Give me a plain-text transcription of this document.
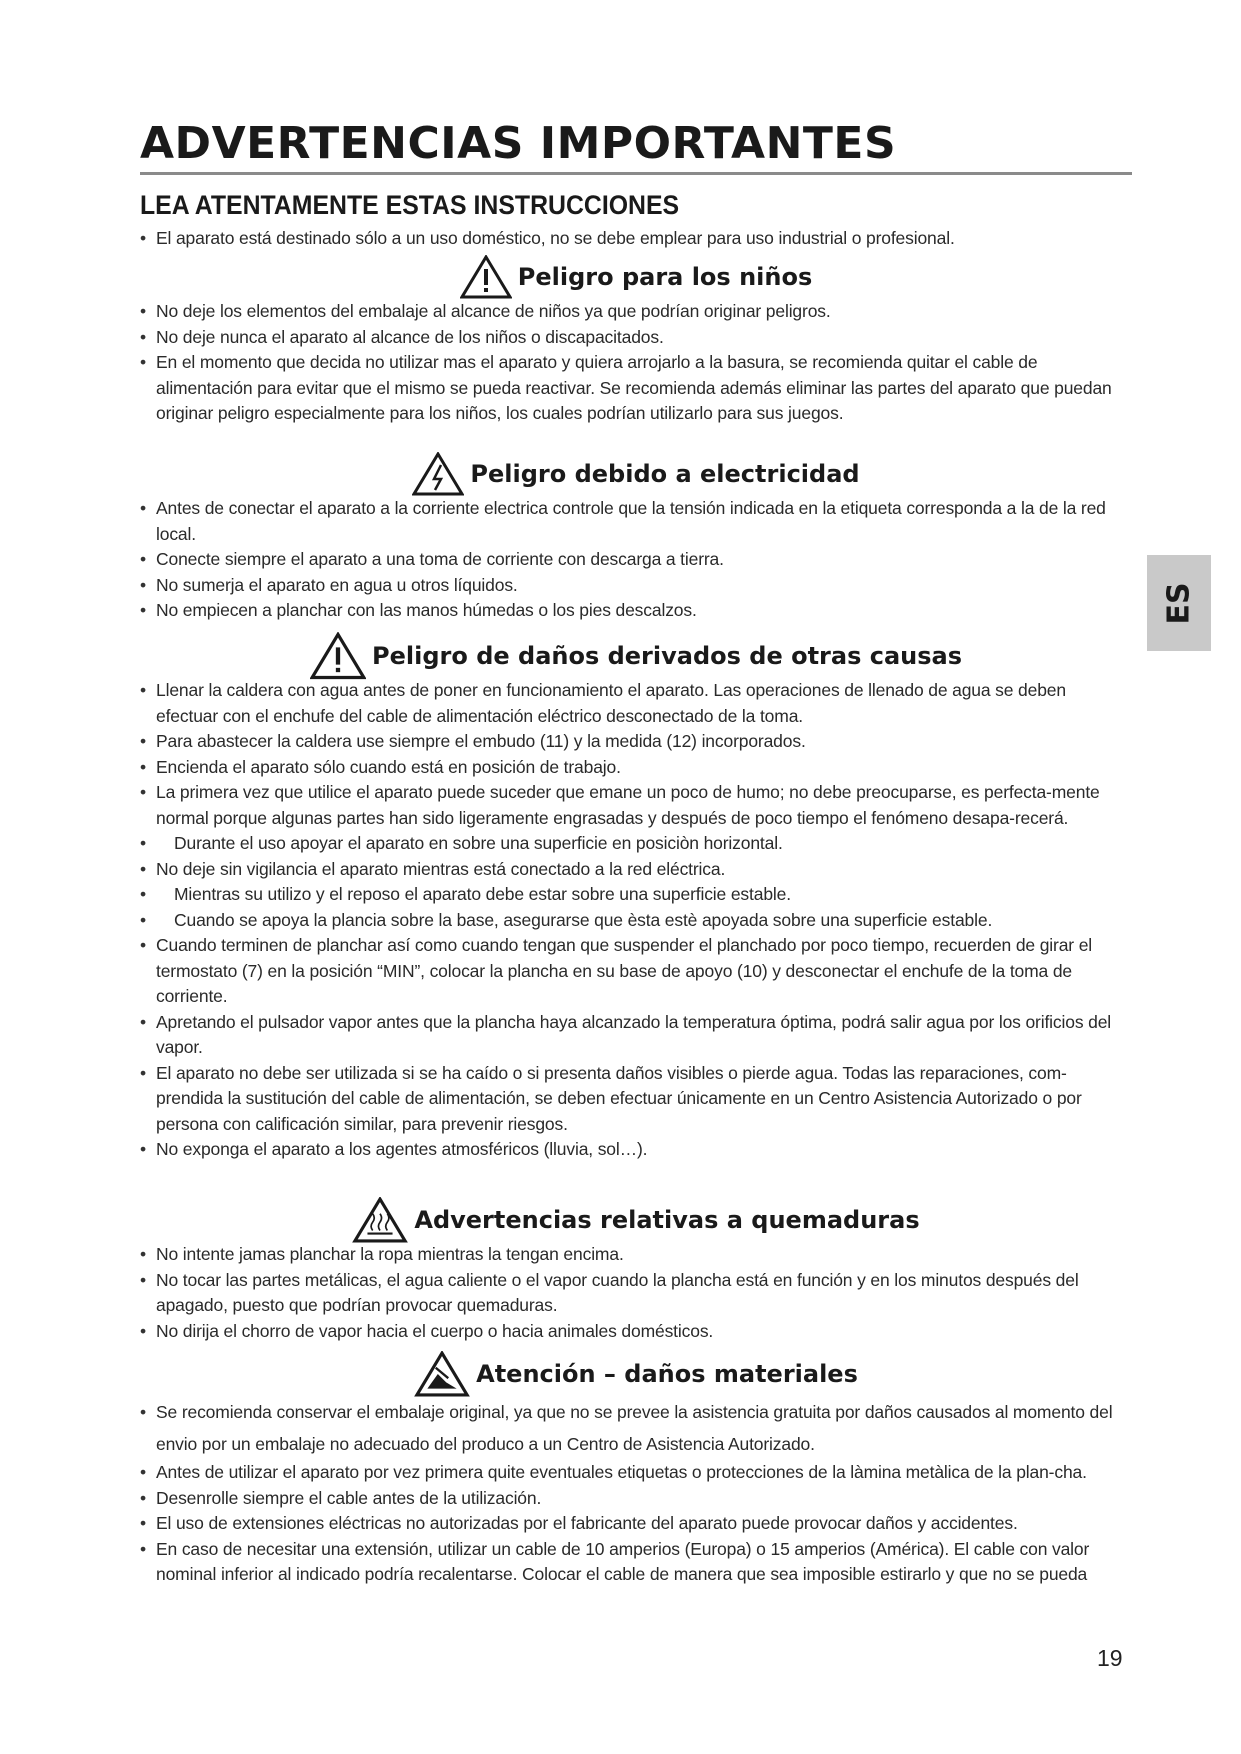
ADVERTENCIAS IMPORTANTES
LEA ATENTAMENTE ESTAS INSTRUCCIONES
• El aparato está destinado sólo a un uso doméstico, no se debe emplear para uso industrial o profesional.
Peligro para los niños
• No deje los elementos del embalaje al alcance de niños ya que podrían originar peligros.
• No deje nunca el aparato al alcance de los niños o discapacitados.
• En el momento que decida no utilizar mas el aparato y quiera arrojarlo a la basura, se recomienda quitar el cable de alimentación para evitar que el mismo se pueda reactivar. Se recomienda además eliminar las partes del aparato que puedan originar peligro especialmente para los niños, los cuales podrían utilizarlo para sus juegos.
Peligro debido a electricidad
• Antes de conectar el aparato a la corriente electrica controle que la tensión indicada en la etiqueta corresponda a la de la red local.
• Conecte siempre el aparato a una toma de corriente con descarga a tierra.
• No sumerja el aparato en agua u otros líquidos.
• No empiecen a planchar con las manos húmedas o los pies descalzos.
Peligro de daños derivados de otras causas
• Llenar la caldera con agua antes de poner en funcionamiento el aparato. Las operaciones de llenado de agua se deben efectuar con el enchufe del cable de alimentación eléctrico desconectado de la toma.
• Para abastecer la caldera use siempre el embudo (11) y la medida (12) incorporados.
• Encienda el aparato sólo cuando está en posición de trabajo.
• La primera vez que utilice el aparato puede suceder que emane un poco de humo; no debe preocuparse, es perfecta-mente normal porque algunas partes han sido ligeramente engrasadas y después de poco tiempo el fenómeno desapa-recerá.
• Durante el uso apoyar el aparato en sobre una superficie en posiciòn horizontal.
• No deje sin vigilancia el aparato mientras está conectado a la red eléctrica.
• Mientras su utilizo y el reposo el aparato debe estar sobre una superficie estable.
• Cuando se apoya la plancia sobre la base, asegurarse que èsta estè apoyada sobre una superficie estable.
• Cuando terminen de planchar así como cuando tengan que suspender el planchado por poco tiempo, recuerden de girar el termostato (7) en la posición “MIN”, colocar la plancha en su base de apoyo (10) y desconectar el enchufe de la toma de corriente.
• Apretando el pulsador vapor antes que la plancha haya alcanzado la temperatura óptima, podrá salir agua por los orificios del vapor.
• El aparato no debe ser utilizada si se ha caído o si presenta daños visibles o pierde agua. Todas las reparaciones, com-prendida la sustitución del cable de alimentación, se deben efectuar únicamente en un Centro Asistencia Autorizado o por persona con calificación similar, para prevenir riesgos.
• No exponga el aparato a los agentes atmosféricos (lluvia, sol…).
Advertencias relativas a quemaduras
• No intente jamas planchar la ropa mientras la tengan encima.
• No tocar las partes metálicas, el agua caliente o el vapor cuando la plancha está en función y en los minutos después del apagado, puesto que podrían provocar quemaduras.
• No dirija el chorro de vapor hacia el cuerpo o hacia animales domésticos.
Atención – daños materiales
• Se recomienda conservar el embalaje original, ya que no se prevee la asistencia gratuita por daños causados al momento del envio por un embalaje no adecuado del produco a un Centro de Asistencia Autorizado.
• Antes de utilizar el aparato por vez primera quite eventuales etiquetas o protecciones de la làmina metàlica de la plan-cha.
• Desenrolle siempre el cable antes de la utilización.
• El uso de extensiones eléctricas no autorizadas por el fabricante del aparato puede provocar daños y accidentes.
• En caso de necesitar una extensión, utilizar un cable de 10 amperios (Europa) o 15 amperios (América). El cable con valor nominal inferior al indicado podría recalentarse. Colocar el cable de manera que sea imposible estirarlo y que no se pueda
ES
19
